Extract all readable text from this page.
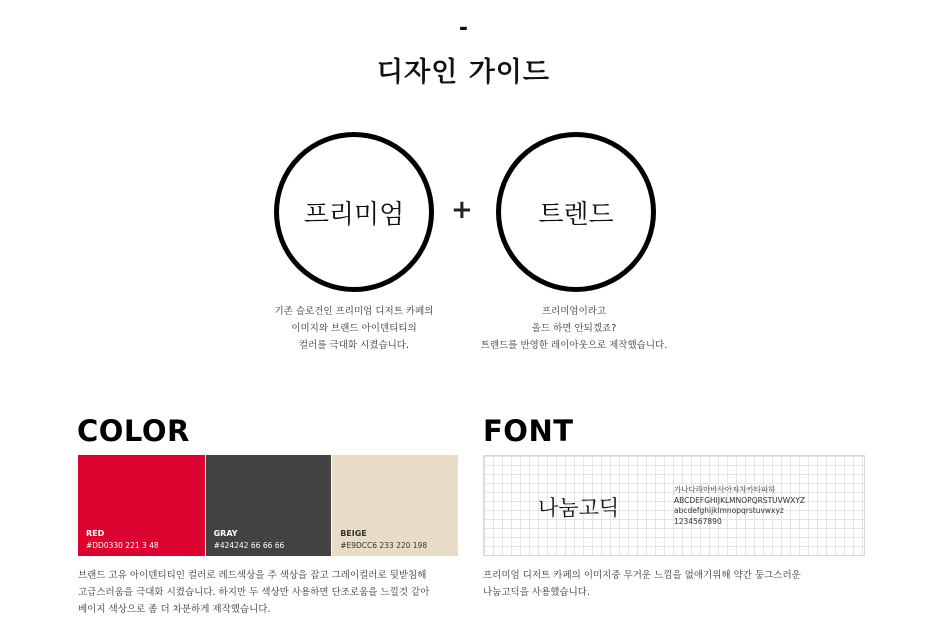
-
디자인 가이드
프리미엄 +	트렌드
기존 슬로건인 프리미엄 디저트 카페의
이미지와 브랜드 아이덴티티의
컬러를 극대화 시켰습니다.
프리미엄이라고
올드 하면 안되겠죠?
트렌드를 반영한 레이아웃으로 제작했습니다.
COLOR
RED
#DD0330 221 3 48
GRAY
#424242 66 66 66
BEIGE
#E9DCC6 233 220 198
브랜드 고유 아이덴티티인 컬러로 레드색상을 주 색상을 잡고 그레이컬러로 뒷받침해
고급스러움을 극대화 시켰습니다. 하지만 두 색상만 사용하면 단조로움을 느낄것 같아
베이지 색상으로 좀 더 차분하게 제작했습니다.
FONT
나눔고딕
가나다라마바사아자차카타파하
ABCDEFGHIJKLMNOPQRSTUVWXYZ
abcdefghijklmnopqrstuvwxyz
1234567890
프리미엄 디저트 카페의 이미지중 무거운 느낌을 없애기위해 약간 둥그스러운
나눔고딕을 사용했습니다.
